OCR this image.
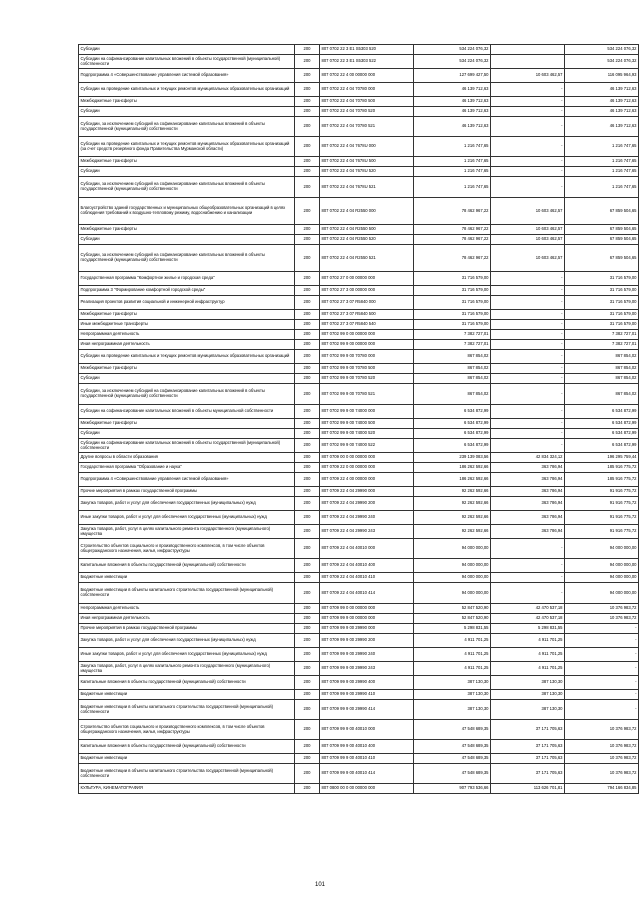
Субсидии	200	807 0702 22 3 E1 S5303 520	534 224 076,32		534 224 076,32
Субсидии на софинансирование капитальных вложений в объекты государственной (муниципальной) собственности	200	807 0702 22 3 E1 S5303 522	534 224 076,32		534 224 076,32
Подпрограмма 4 «Совершенствование управления системой образования»	200	807 0702 22 4 00 00000 000	127 699 427,50	10 603 462,57	116 095 964,93
Субсидии на проведение капитальных и текущих ремонтов муниципальных образовательных организаций	200	807 0702 22 4 04 70780 000	46 139 712,63	-	46 139 712,63
Межбюджетные трансферты	200	807 0702 22 4 04 70780 500	46 139 712,63	-	46 139 712,63
Субсидии	200	807 0702 22 4 04 70780 520	46 139 712,63	-	46 139 712,63
Субсидии, за исключением субсидий на софинансирование капитальных вложений в объекты государственной (муниципальной) собственности	200	807 0702 22 4 04 70780 521	46 139 712,63	-	46 139 712,63
Субсидии на проведение капитальных и текущих ремонтов муниципальных образовательных организаций (за счет средств резервного фонда Правительства Мурманской области)	200	807 0702 22 4 04 7678U 000	1 216 747,65	-	1 216 747,65
Межбюджетные трансферты	200	807 0702 22 4 04 7678U 500	1 216 747,65	-	1 216 747,65
Субсидии	200	807 0702 22 4 04 7678U 520	1 216 747,65	-	1 216 747,65
Субсидии, за исключением субсидий на софинансирование капитальных вложений в объекты государственной (муниципальной) собственности	200	807 0702 22 4 04 7678U 521	1 216 747,65	-	1 216 747,65
Благоустройство зданий государственных и муниципальных общеобразовательных организаций в целях соблюдения требований к воздушно-тепловому режиму, водоснабжению и канализации	200	807 0702 22 4 04 R2550 000	78 462 967,22	10 603 462,57	67 859 504,65
Межбюджетные трансферты	200	807 0702 22 4 04 R2550 500	78 462 967,22	10 603 462,57	67 859 504,65
Субсидии	200	807 0702 22 4 04 R2550 520	78 462 967,22	10 603 462,57	67 859 504,65
Субсидии, за исключением субсидий на софинансирование капитальных вложений в объекты государственной (муниципальной) собственности	200	807 0702 22 4 04 R2550 521	78 462 967,22	10 603 462,57	67 859 504,65
Государственная программа "Комфортное жилье и городская среда"	200	807 0702 27 0 00 00000 000	31 716 579,00	-	31 716 579,00
Подпрограмма 3 "Формирование комфортной городской среды"	200	807 0702 27 3 00 00000 000	31 716 579,00	-	31 716 579,00
Реализация проектов развития социальной и инженерной инфраструктур	200	807 0702 27 3 07 R5840 000	31 716 579,00	-	31 716 579,00
Межбюджетные трансферты	200	807 0702 27 3 07 R5840 500	31 716 579,00	-	31 716 579,00
Иные межбюджетные трансферты	200	807 0702 27 3 07 R5840 540	31 716 579,00	-	31 716 579,00
Непрограммная деятельность	200	807 0702 99 0 00 00000 000	7 382 727,01	-	7 382 727,01
Иная непрограммная деятельность	200	807 0702 99 9 00 00000 000	7 382 727,01	-	7 382 727,01
Субсидии на проведение капитальных и текущих ремонтов муниципальных образовательных организаций	200	807 0702 99 9 00 70780 000	867 854,02	-	867 854,02
Межбюджетные трансферты	200	807 0702 99 9 00 70780 500	867 854,02	-	867 854,02
Субсидии	200	807 0702 99 9 00 70780 520	867 854,02	-	867 854,02
Субсидии, за исключением субсидий на софинансирование капитальных вложений в объекты государственной (муниципальной) собственности	200	807 0702 99 9 00 70780 521	867 854,02	-	867 854,02
Субсидии на софинансирование капитальных вложений в объекты муниципальной собственности	200	807 0702 99 9 00 74000 000	6 534 872,99	-	6 534 872,99
Межбюджетные трансферты	200	807 0702 99 9 00 74000 500	6 534 872,99	-	6 534 872,99
Субсидии	200	807 0702 99 9 00 74000 520	6 534 872,99	-	6 534 872,99
Субсидии на софинансирование капитальных вложений в объекты государственной (муниципальной) собственности	200	807 0702 99 9 00 74000 522	6 534 872,99	-	6 534 872,99
Другие вопросы в области образования	200	807 0709 00 0 00 00000 000	239 139 083,56	42 834 324,12	196 295 759,44
Государственная программа "Образование и наука"	200	807 0709 22 0 00 00000 000	186 262 592,66	363 786,94	185 916 775,72
Подпрограмма 4 «Совершенствование управления системой образования»	200	807 0709 22 4 00 00000 000	186 262 592,66	363 786,94	185 916 775,72
Прочие мероприятия в рамках государственной программы	200	807 0709 22 4 04 29990 000	92 262 592,66	363 786,94	91 916 775,72
Закупка товаров, работ и услуг для обеспечения государственных (муниципальных) нужд	200	807 0709 22 4 04 29990 200	92 262 592,66	363 786,94	91 916 775,72
Иные закупки товаров, работ и услуг для обеспечения государственных (муниципальных) нужд	200	807 0709 22 4 04 29990 240	92 262 592,66	363 786,94	91 916 775,72
Закупка товаров, работ, услуг в целях капитального ремонта государственного (муниципального) имущества	200	807 0709 22 4 04 29990 243	92 262 592,66	363 786,94	91 916 775,72
Строительство объектов социального и производственного комплексов, в том числе объектов общегражданского назначения, жилья, инфраструктуры	200	807 0709 22 4 04 40010 000	94 000 000,00	-	94 000 000,00
Капитальные вложения в объекты государственной (муниципальной) собственности	200	807 0709 22 4 04 40010 400	94 000 000,00	-	94 000 000,00
Бюджетные инвестиции	200	807 0709 22 4 04 40010 410	94 000 000,00	-	94 000 000,00
Бюджетные инвестиции в объекты капитального строительства государственной (муниципальной) собственности	200	807 0709 22 4 04 40010 414	94 000 000,00	-	94 000 000,00
Непрограммная деятельность	200	807 0709 99 0 00 00000 000	52 847 520,90	42 470 537,18	10 376 983,72
Иная непрограммная деятельность	200	807 0709 99 9 00 00000 000	52 847 520,90	42 470 537,18	10 376 983,72
Прочие мероприятия в рамках государственной программы	200	807 0709 99 9 00 29990 000	5 298 831,55	5 298 831,55	-
Закупка товаров, работ и услуг для обеспечения государственных (муниципальных) нужд	200	807 0709 99 9 00 29990 200	4 911 701,25	4 911 701,25	-
Иные закупки товаров, работ и услуг для обеспечения государственных (муниципальных) нужд	200	807 0709 99 9 00 29990 240	4 911 701,25	4 911 701,25	-
Закупка товаров, работ, услуг в целях капитального ремонта государственного (муниципального) имущества	200	807 0709 99 9 00 29990 243	4 911 701,25	4 911 701,25	-
Капитальные вложения в объекты государственной (муниципальной) собственности	200	807 0709 99 9 00 29990 400	387 130,30	387 130,30	-
Бюджетные инвестиции	200	807 0709 99 9 00 29990 410	387 130,30	387 130,30	-
Бюджетные инвестиции в объекты капитального строительства государственной (муниципальной) собственности	200	807 0709 99 9 00 29990 414	387 130,30	387 130,30	-
Строительство объектов социального и производственного комплексов, в том числе объектов общегражданского назначения, жилья, инфраструктуры	200	807 0709 99 9 00 40010 000	47 548 689,35	37 171 705,63	10 376 983,72
Капитальные вложения в объекты государственной (муниципальной) собственности	200	807 0709 99 9 00 40010 400	47 548 689,35	37 171 705,63	10 376 983,72
Бюджетные инвестиции	200	807 0709 99 9 00 40010 410	47 548 689,35	37 171 705,63	10 376 983,72
Бюджетные инвестиции в объекты капитального строительства государственной (муниципальной) собственности	200	807 0709 99 9 00 40010 414	47 548 689,35	37 171 705,63	10 376 983,72
КУЛЬТУРА, КИНЕМАТОГРАФИЯ	200	807 0800 00 0 00 00000 000	907 793 536,66	113 626 701,81	794 166 834,85
101
